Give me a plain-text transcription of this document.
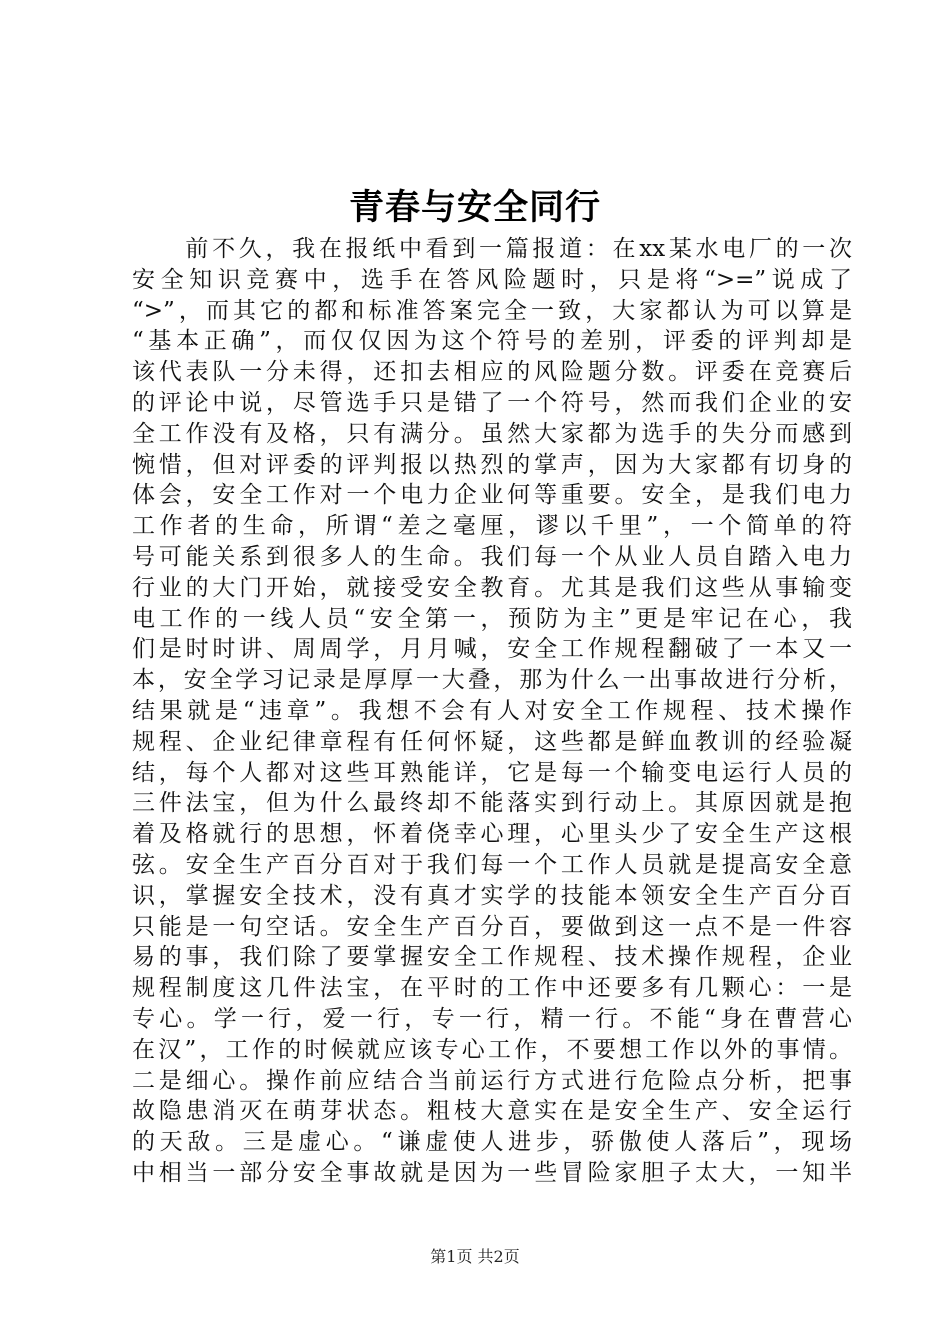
青春与安全同行
　　前不久，我在报纸中看到一篇报道：在xx某水电厂的一次
安全知识竞赛中，选手在答风险题时，只是将“>=”说成了
“>”，而其它的都和标准答案完全一致，大家都认为可以算是
“基本正确”，而仅仅因为这个符号的差别，评委的评判却是
该代表队一分未得，还扣去相应的风险题分数。评委在竞赛后
的评论中说，尽管选手只是错了一个符号，然而我们企业的安
全工作没有及格，只有满分。虽然大家都为选手的失分而感到
惋惜，但对评委的评判报以热烈的掌声，因为大家都有切身的
体会，安全工作对一个电力企业何等重要。安全，是我们电力
工作者的生命，所谓“差之毫厘，谬以千里”，一个简单的符
号可能关系到很多人的生命。我们每一个从业人员自踏入电力
行业的大门开始，就接受安全教育。尤其是我们这些从事输变
电工作的一线人员“安全第一，预防为主”更是牢记在心，我
们是时时讲、周周学，月月喊，安全工作规程翻破了一本又一
本，安全学习记录是厚厚一大叠，那为什么一出事故进行分析，
结果就是“违章”。我想不会有人对安全工作规程、技术操作
规程、企业纪律章程有任何怀疑，这些都是鲜血教训的经验凝
结，每个人都对这些耳熟能详，它是每一个输变电运行人员的
三件法宝，但为什么最终却不能落实到行动上。其原因就是抱
着及格就行的思想，怀着侥幸心理，心里头少了安全生产这根
弦。安全生产百分百对于我们每一个工作人员就是提高安全意
识，掌握安全技术，没有真才实学的技能本领安全生产百分百
只能是一句空话。安全生产百分百，要做到这一点不是一件容
易的事，我们除了要掌握安全工作规程、技术操作规程，企业
规程制度这几件法宝，在平时的工作中还要多有几颗心：一是
专心。学一行，爱一行，专一行，精一行。不能“身在曹营心
在汉”，工作的时候就应该专心工作，不要想工作以外的事情。
二是细心。操作前应结合当前运行方式进行危险点分析，把事
故隐患消灭在萌芽状态。粗枝大意实在是安全生产、安全运行
的天敌。三是虚心。“谦虚使人进步，骄傲使人落后”，现场
中相当一部分安全事故就是因为一些冒险家胆子太大，一知半
第1页 共2页
